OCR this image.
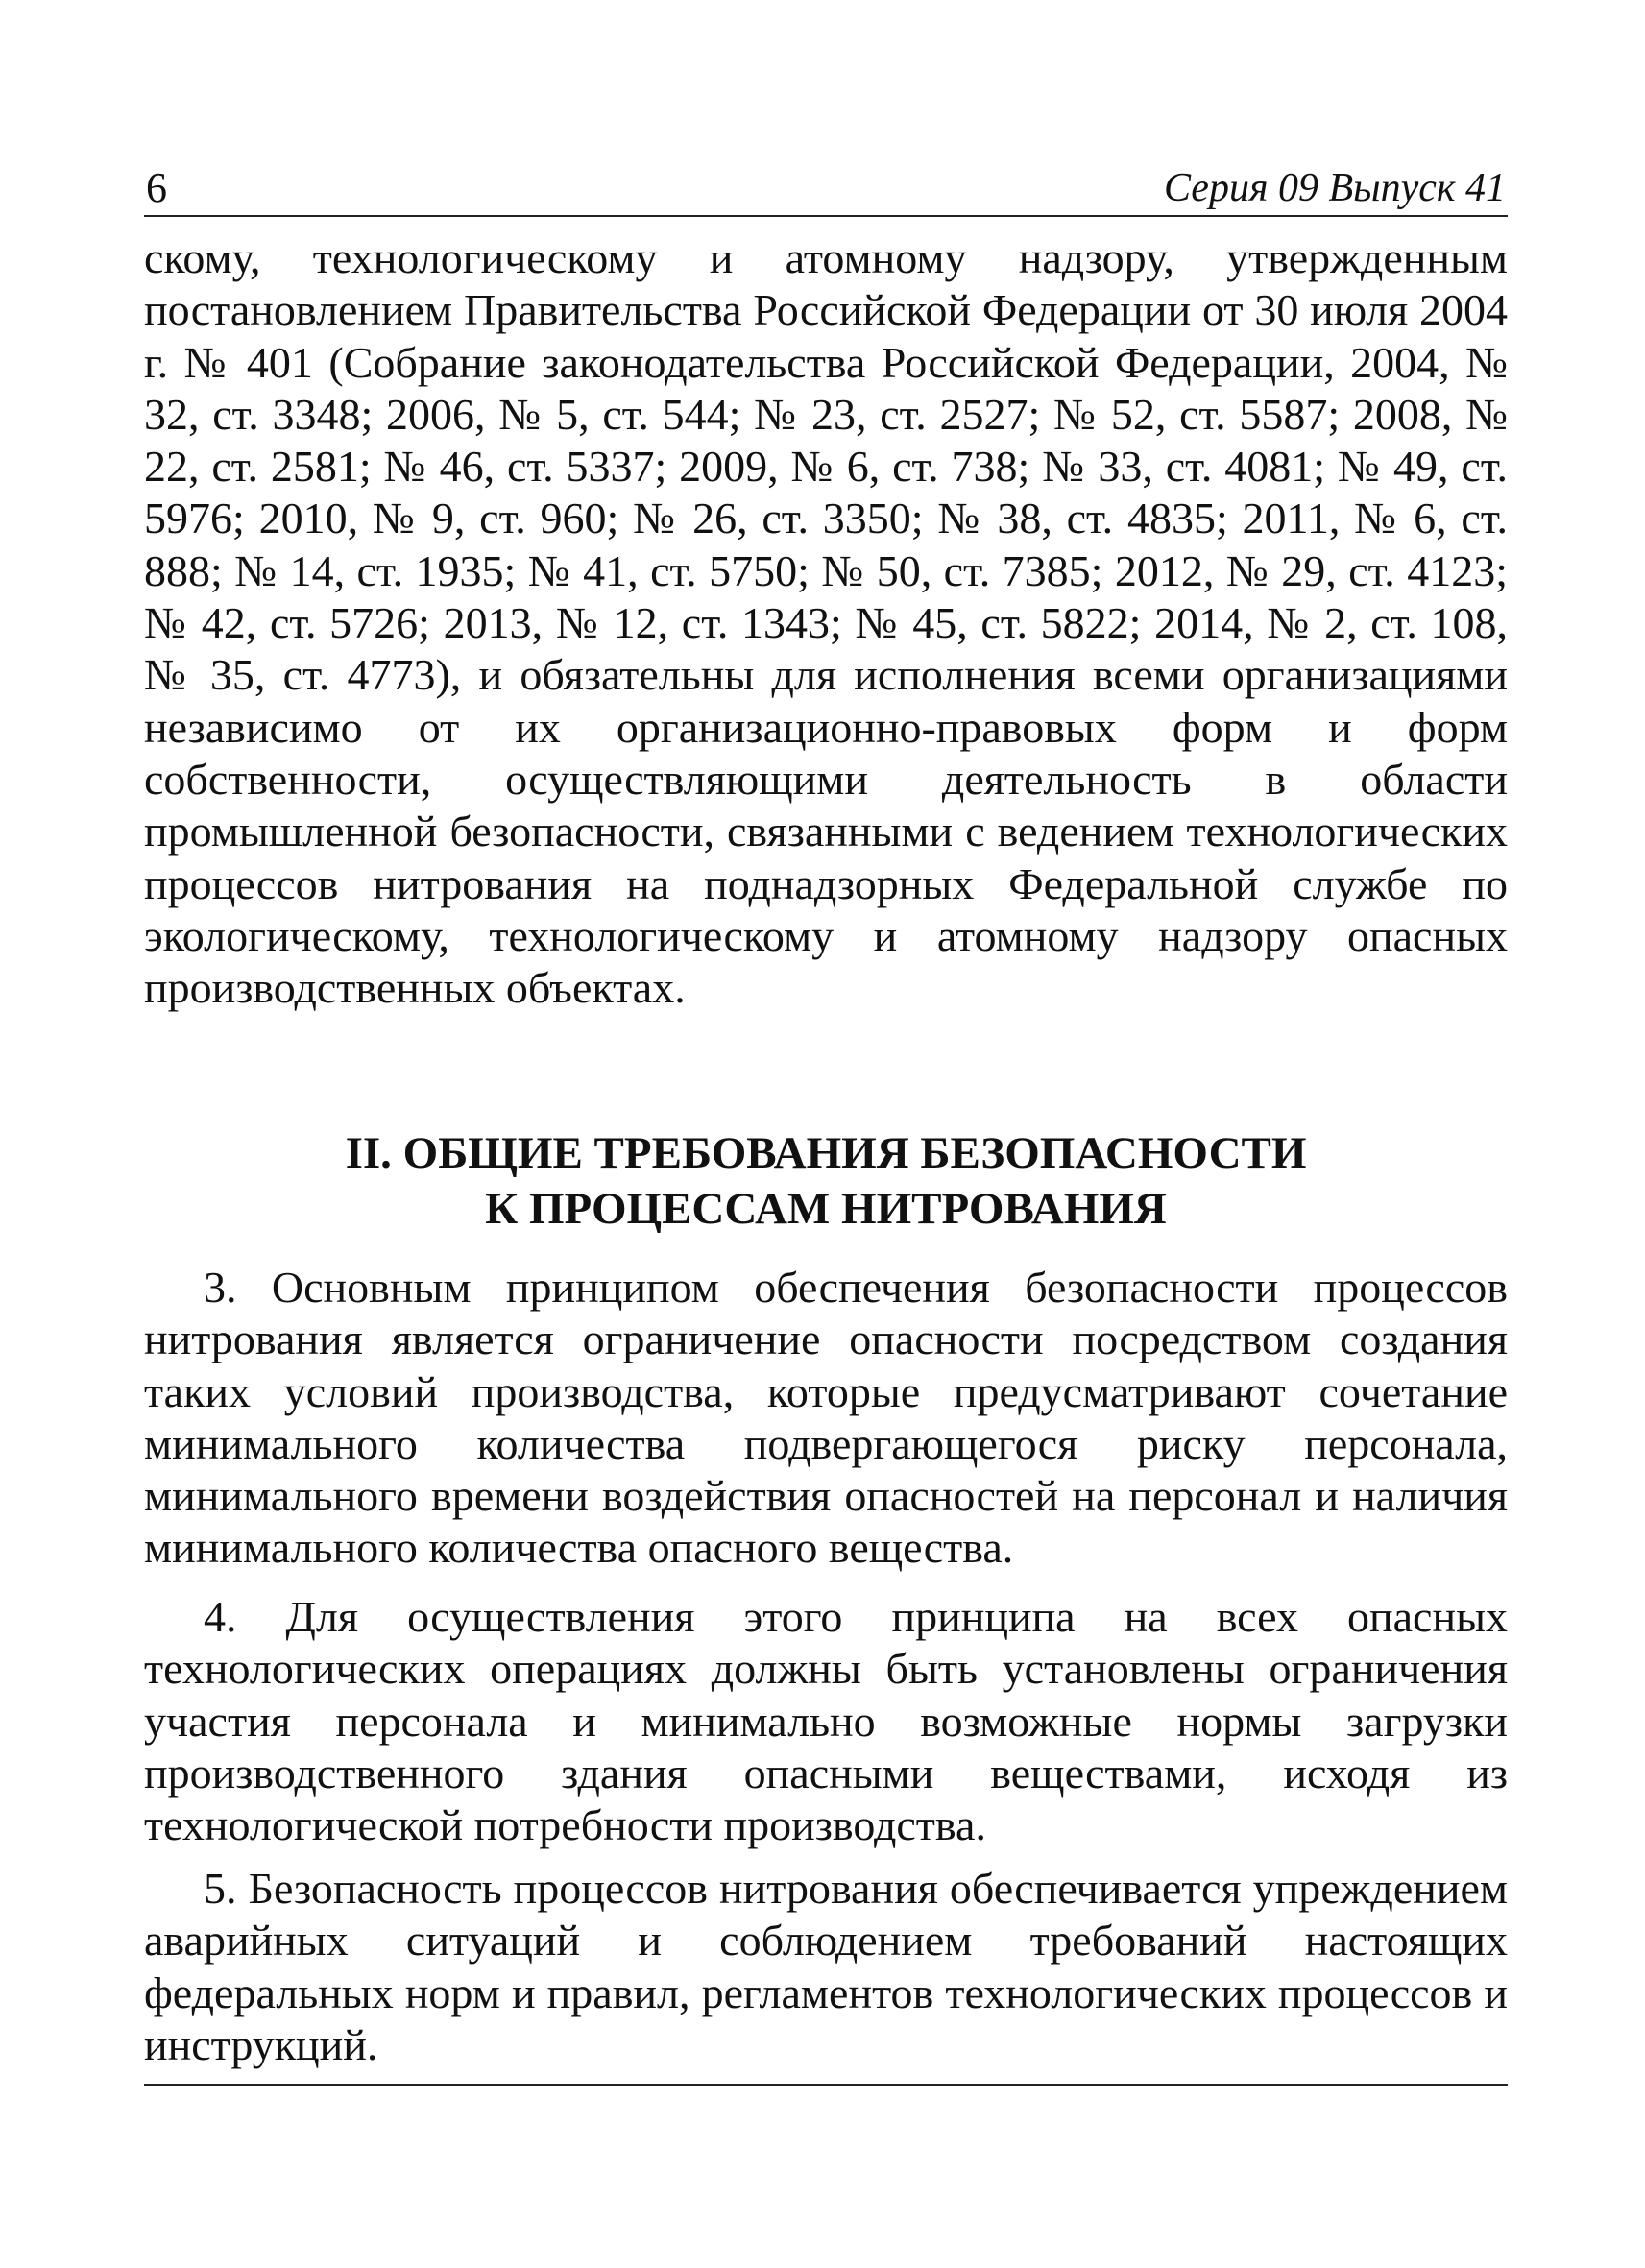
6	Серия 09 Выпуск 41

скому, технологическому и атомному надзору, утвержденным постановлением Правительства Российской Федерации от 30 июля 2004 г. № 401 (Собрание законодательства Российской Федерации, 2004, № 32, ст. 3348; 2006, № 5, ст. 544; № 23, ст. 2527; № 52, ст. 5587; 2008, № 22, ст. 2581; № 46, ст. 5337; 2009, № 6, ст. 738; № 33, ст. 4081; № 49, ст. 5976; 2010, № 9, ст. 960; № 26, ст. 3350; № 38, ст. 4835; 2011, № 6, ст. 888; № 14, ст. 1935; № 41, ст. 5750; № 50, ст. 7385; 2012, № 29, ст. 4123; № 42, ст. 5726; 2013, № 12, ст. 1343; № 45, ст. 5822; 2014, № 2, ст. 108, № 35, ст. 4773), и обязательны для исполнения всеми организациями независимо от их организационно-правовых форм и форм собственности, осуществляющими деятельность в области промышленной безопасности, связанными с ведением технологических процессов нитрования на поднадзорных Федеральной службе по экологическому, технологическому и атомному надзору опасных производственных объектах.

II. ОБЩИЕ ТРЕБОВАНИЯ БЕЗОПАСНОСТИ
К ПРОЦЕССАМ НИТРОВАНИЯ

3. Основным принципом обеспечения безопасности процессов нитрования является ограничение опасности посредством создания таких условий производства, которые предусматривают сочетание минимального количества подвергающегося риску персонала, минимального времени воздействия опасностей на персонал и наличия минимального количества опасного вещества.

4. Для осуществления этого принципа на всех опасных технологических операциях должны быть установлены ограничения участия персонала и минимально возможные нормы загрузки производственного здания опасными веществами, исходя из технологической потребности производства.

5. Безопасность процессов нитрования обеспечивается упреждением аварийных ситуаций и соблюдением требований настоящих федеральных норм и правил, регламентов технологических процессов и инструкций.
